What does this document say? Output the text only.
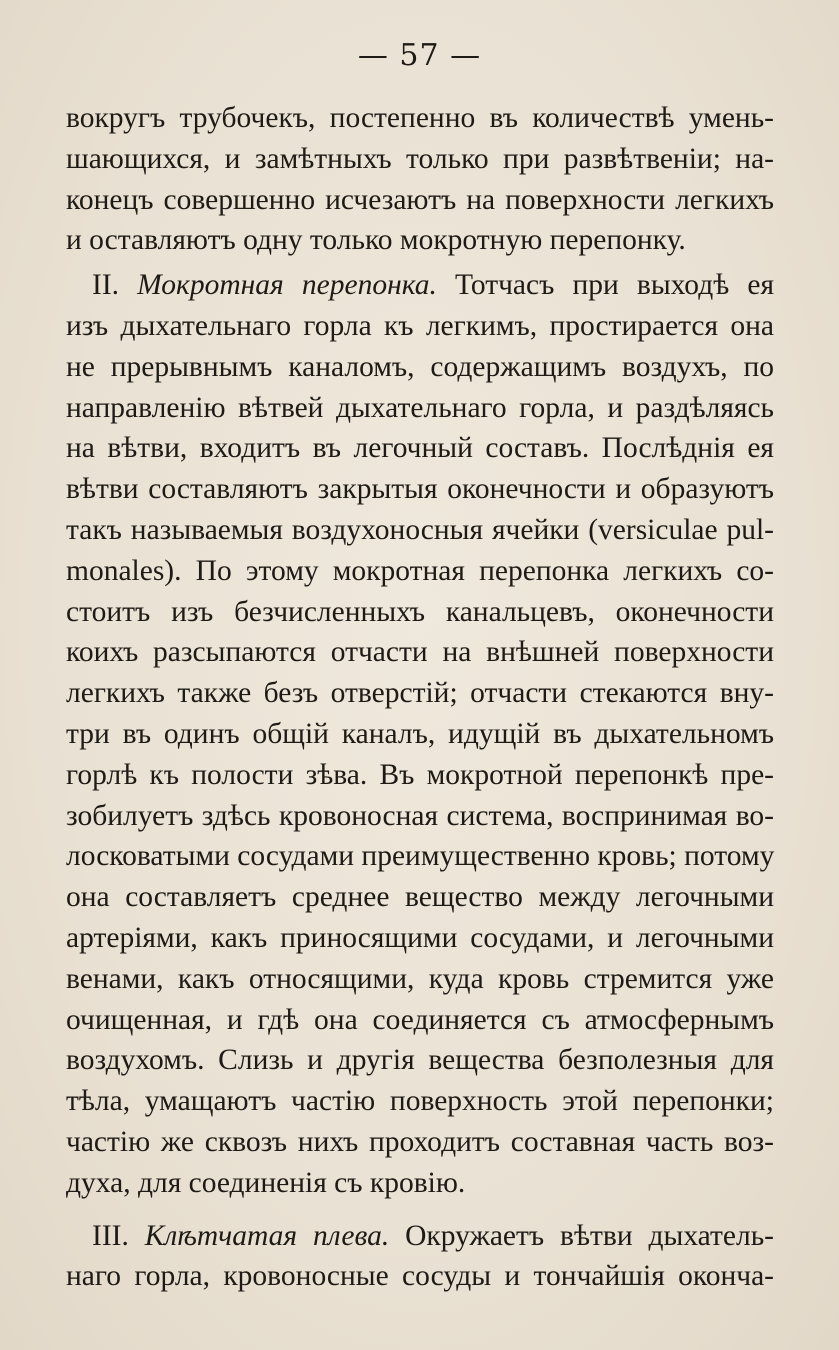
— 57 —
вокругъ трубочекъ, постепенно въ количествѣ умень-
шающихся, и замѣтныхъ только при развѣтвеніи; на-
конецъ совершенно исчезаютъ на поверхности легкихъ
и оставляютъ одну только мокротную перепонку.
II. Мокротная перепонка. Тотчасъ при выходѣ ея
изъ дыхательнаго горла къ легкимъ, простирается она
не прерывнымъ каналомъ, содержащимъ воздухъ, по
направленію вѣтвей дыхательнаго горла, и раздѣляясь
на вѣтви, входитъ въ легочный составъ. Послѣднія ея
вѣтви составляютъ закрытыя оконечности и образуютъ
такъ называемыя воздухоносныя ячейки (versiculae pul-
monales). По этому мокротная перепонка легкихъ со-
стоитъ изъ безчисленныхъ канальцевъ, оконечности
коихъ разсыпаются отчасти на внѣшней поверхности
легкихъ также безъ отверстій; отчасти стекаются вну-
три въ одинъ общій каналъ, идущій въ дыхательномъ
горлѣ къ полости зѣва. Въ мокротной перепонкѣ пре-
зобилуетъ здѣсь кровоносная система, воспринимая во-
лосковатыми сосудами преимущественно кровь; потому
она составляетъ среднее вещество между легочными
артеріями, какъ приносящими сосудами, и легочными
венами, какъ относящими, куда кровь стремится уже
очищенная, и гдѣ она соединяется съ атмосфернымъ
воздухомъ. Слизь и другія вещества безполезныя для
тѣла, умащаютъ частію поверхность этой перепонки;
частію же сквозъ нихъ проходитъ составная часть воз-
духа, для соединенія съ кровію.
III. Клѣтчатая плева. Окружаетъ вѣтви дыхатель-
наго горла, кровоносные сосуды и тончайшія оконча-
